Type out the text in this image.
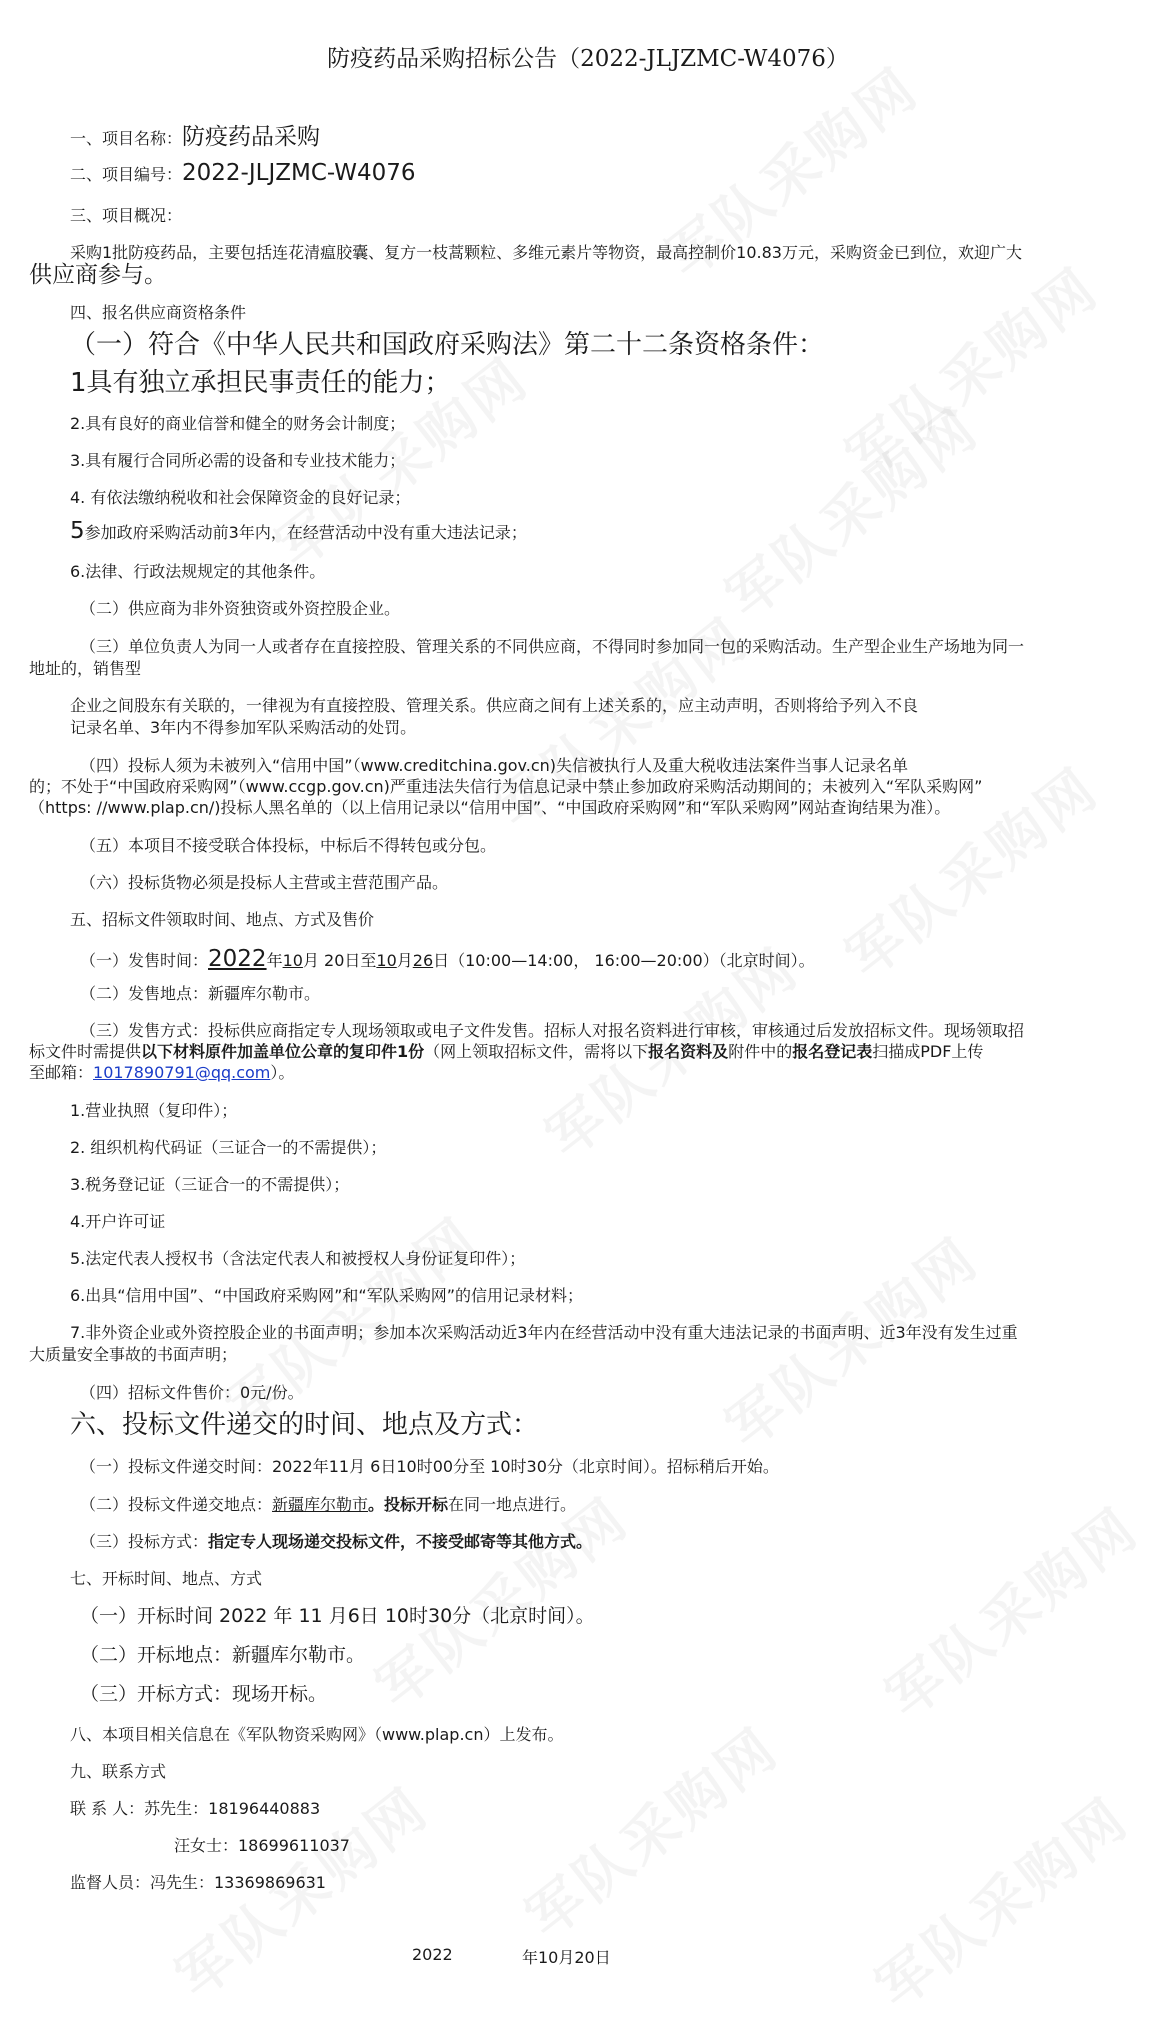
防疫药品采购招标公告（2022-JLJZMC-W4076）
一、项目名称：防疫药品采购
二、项目编号：2022-JLJZMC-W4076
三、项目概况：
采购1批防疫药品，主要包括连花清瘟胶囊、复方一枝蒿颗粒、多维元素片等物资，最高控制价10.83万元，采购资金已到位，欢迎广大
供应商参与。
四、报名供应商资格条件
（一）符合《中华人民共和国政府采购法》第二十二条资格条件：
1具有独立承担民事责任的能力；
2.具有良好的商业信誉和健全的财务会计制度；
3.具有履行合同所必需的设备和专业技术能力；
4. 有依法缴纳税收和社会保障资金的良好记录；
5参加政府采购活动前3年内，在经营活动中没有重大违法记录；
6.法律、行政法规规定的其他条件。
（二）供应商为非外资独资或外资控股企业。
（三）单位负责人为同一人或者存在直接控股、管理关系的不同供应商，不得同时参加同一包的采购活动。生产型企业生产场地为同一
地址的，销售型
企业之间股东有关联的，一律视为有直接控股、管理关系。供应商之间有上述关系的，应主动声明，否则将给予列入不良
记录名单、3年内不得参加军队采购活动的处罚。
（四）投标人须为未被列入“信用中国”（www.creditchina.gov.cn)失信被执行人及重大税收违法案件当事人记录名单
的；不处于“中国政府采购网”（www.ccgp.gov.cn)严重违法失信行为信息记录中禁止参加政府采购活动期间的；未被列入“军队采购网”
（https: //www.plap.cn/)投标人黑名单的（以上信用记录以“信用中国”、“中国政府采购网”和“军队采购网”网站查询结果为准）。
（五）本项目不接受联合体投标，中标后不得转包或分包。
（六）投标货物必须是投标人主营或主营范围产品。
五、招标文件领取时间、地点、方式及售价
（一）发售时间：2022年10月 20日至10月26日（10:00—14:00， 16:00—20:00）（北京时间）。
（二）发售地点：新疆库尔勒市。
（三）发售方式：投标供应商指定专人现场领取或电子文件发售。招标人对报名资料进行审核，审核通过后发放招标文件。现场领取招
标文件时需提供以下材料原件加盖单位公章的复印件1份（网上领取招标文件，需将以下报名资料及附件中的报名登记表扫描成PDF上传
至邮箱：1017890791@qq.com）。
1.营业执照（复印件）；
2. 组织机构代码证（三证合一的不需提供）；
3.税务登记证（三证合一的不需提供）；
4.开户许可证
5.法定代表人授权书（含法定代表人和被授权人身份证复印件）；
6.出具“信用中国”、“中国政府采购网”和“军队采购网”的信用记录材料；
7.非外资企业或外资控股企业的书面声明；参加本次采购活动近3年内在经营活动中没有重大违法记录的书面声明、近3年没有发生过重
大质量安全事故的书面声明；
（四）招标文件售价：0元/份。
六、投标文件递交的时间、地点及方式：
（一）投标文件递交时间：2022年11月 6日10时00分至 10时30分（北京时间）。招标稍后开始。
（二）投标文件递交地点：新疆库尔勒市。投标开标在同一地点进行。
（三）投标方式：指定专人现场递交投标文件，不接受邮寄等其他方式。
七、开标时间、地点、方式
（一）开标时间 2022 年 11 月6日 10时30分（北京时间）。
（二）开标地点：新疆库尔勒市。
（三）开标方式：现场开标。
八、本项目相关信息在《军队物资采购网》（www.plap.cn）上发布。
九、联系方式
联 系 人：苏先生：18196440883
汪女士：18699611037
监督人员：冯先生：13369869631
2022	年10月20日
